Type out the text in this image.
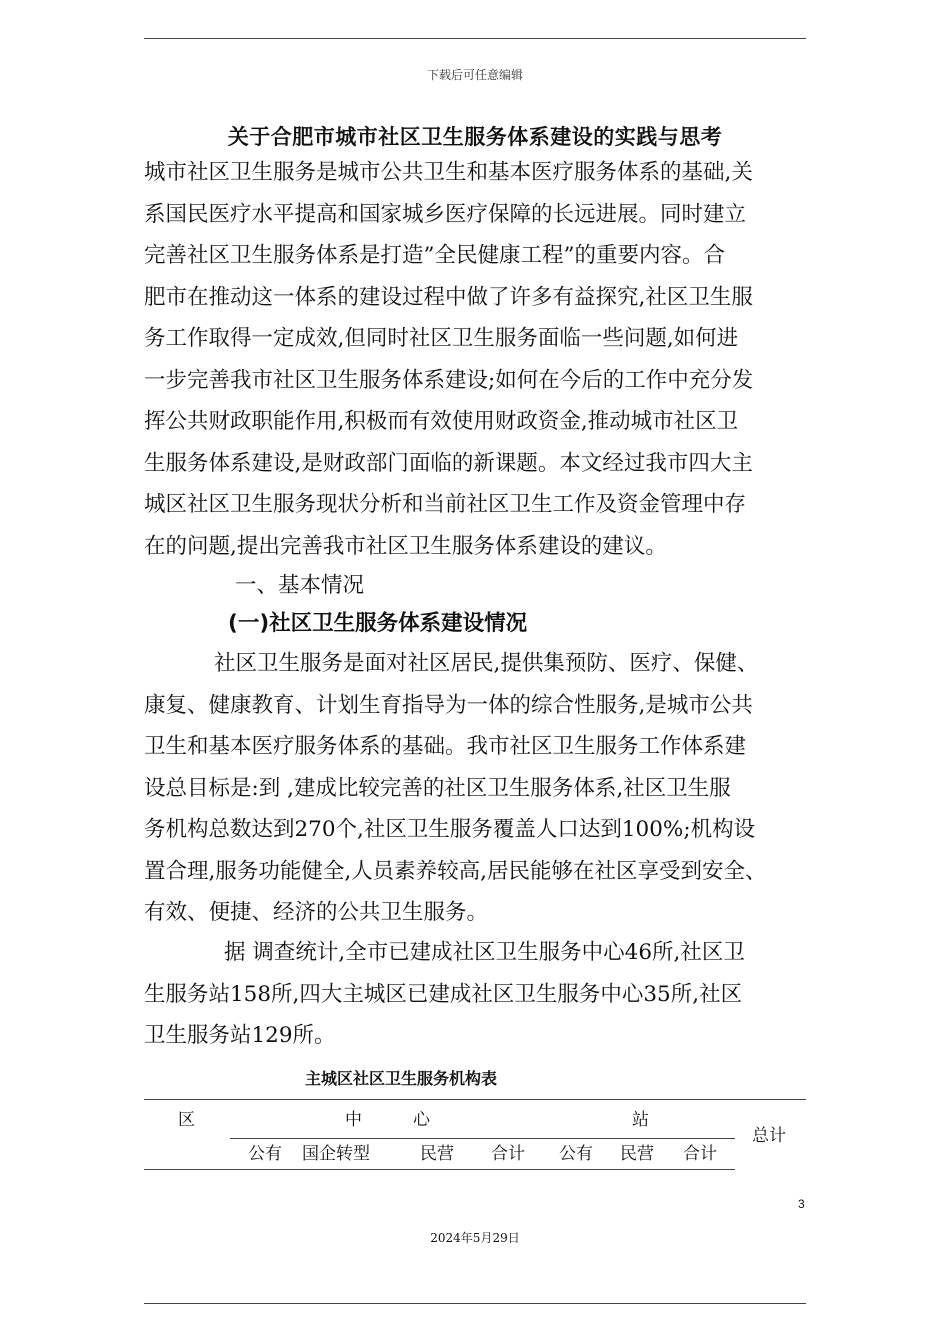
下载后可任意编辑
关于合肥市城市社区卫生服务体系建设的实践与思考
城市社区卫生服务是城市公共卫生和基本医疗服务体系的基础,关
系国民医疗水平提高和国家城乡医疗保障的长远进展。同时建立
完善社区卫生服务体系是打造”全民健康工程”的重要内容。合
肥市在推动这一体系的建设过程中做了许多有益探究,社区卫生服
务工作取得一定成效,但同时社区卫生服务面临一些问题,如何进
一步完善我市社区卫生服务体系建设;如何在今后的工作中充分发
挥公共财政职能作用,积极而有效使用财政资金,推动城市社区卫
生服务体系建设,是财政部门面临的新课题。本文经过我市四大主
城区社区卫生服务现状分析和当前社区卫生工作及资金管理中存
在的问题,提出完善我市社区卫生服务体系建设的建议。
一、基本情况
(一)社区卫生服务体系建设情况
社区卫生服务是面对社区居民,提供集预防、医疗、保健、
康复、健康教育、计划生育指导为一体的综合性服务,是城市公共
卫生和基本医疗服务体系的基础。我市社区卫生服务工作体系建
设总目标是:到 ,建成比较完善的社区卫生服务体系,社区卫生服
务机构总数达到270个,社区卫生服务覆盖人口达到100%;机构设
置合理,服务功能健全,人员素养较高,居民能够在社区享受到安全、
有效、便捷、经济的公共卫生服务。
据 调查统计,全市已建成社区卫生服务中心46所,社区卫
生服务站158所,四大主城区已建成社区卫生服务中心35所,社区
卫生服务站129所。
主城区社区卫生服务机构表
区	中	心	站
总计
公有 国企转型	民营 合计 公有 民营 合计
3
2024年5月29日
